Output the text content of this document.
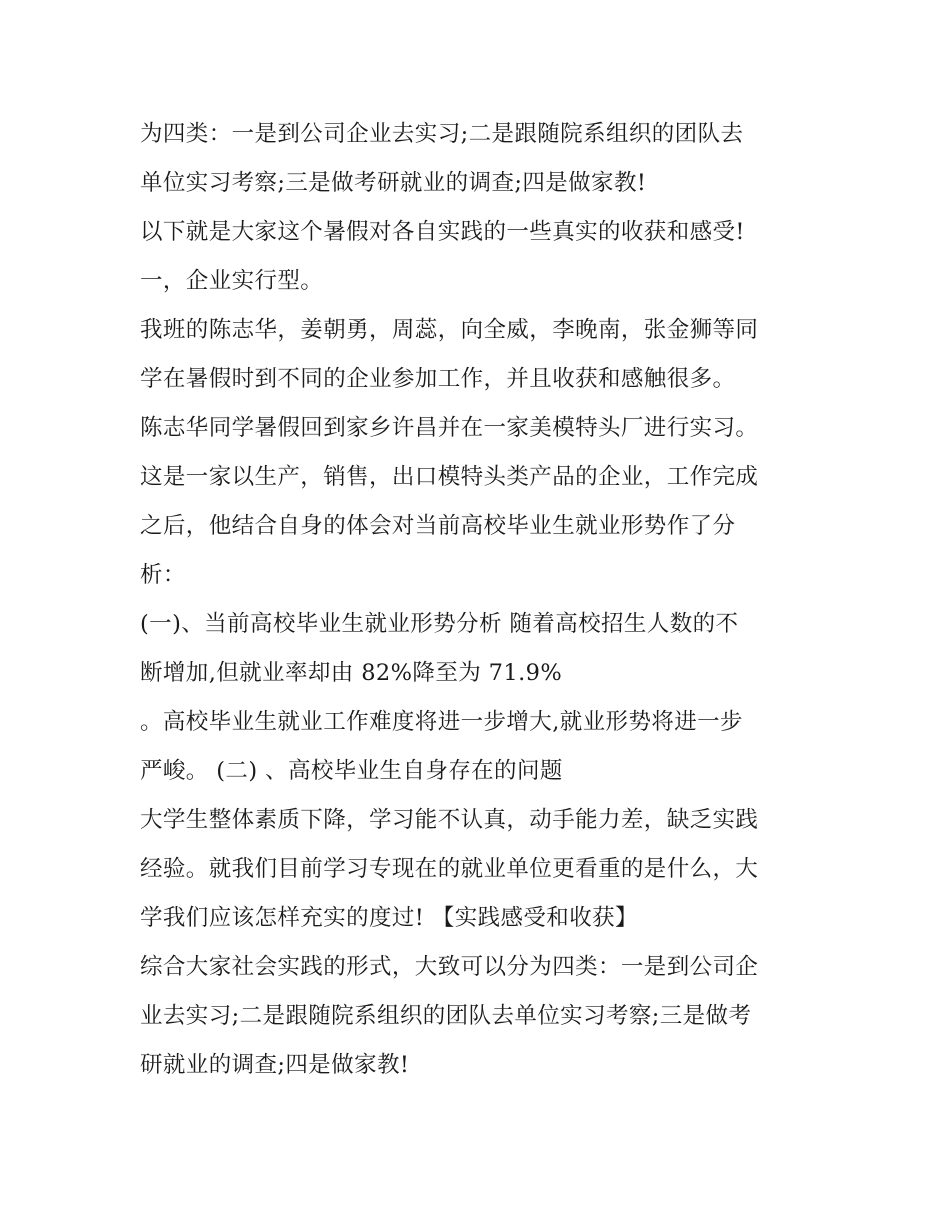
为四类：一是到公司企业去实习;二是跟随院系组织的团队去
单位实习考察;三是做考研就业的调查;四是做家教!
以下就是大家这个暑假对各自实践的一些真实的收获和感受!
一，企业实行型。
我班的陈志华，姜朝勇，周蕊，向全威，李晚南，张金狮等同
学在暑假时到不同的企业参加工作，并且收获和感触很多。
陈志华同学暑假回到家乡许昌并在一家美模特头厂进行实习。
这是一家以生产，销售，出口模特头类产品的企业，工作完成
之后，他结合自身的体会对当前高校毕业生就业形势作了分
析：
(一)、当前高校毕业生就业形势分析 随着高校招生人数的不
断增加,但就业率却由 82%降至为 71.9%
。高校毕业生就业工作难度将进一步增大,就业形势将进一步
严峻。 (二) 、高校毕业生自身存在的问题
大学生整体素质下降，学习能不认真，动手能力差，缺乏实践
经验。就我们目前学习专现在的就业单位更看重的是什么，大
学我们应该怎样充实的度过! 【实践感受和收获】
综合大家社会实践的形式，大致可以分为四类：一是到公司企
业去实习;二是跟随院系组织的团队去单位实习考察;三是做考
研就业的调查;四是做家教!
